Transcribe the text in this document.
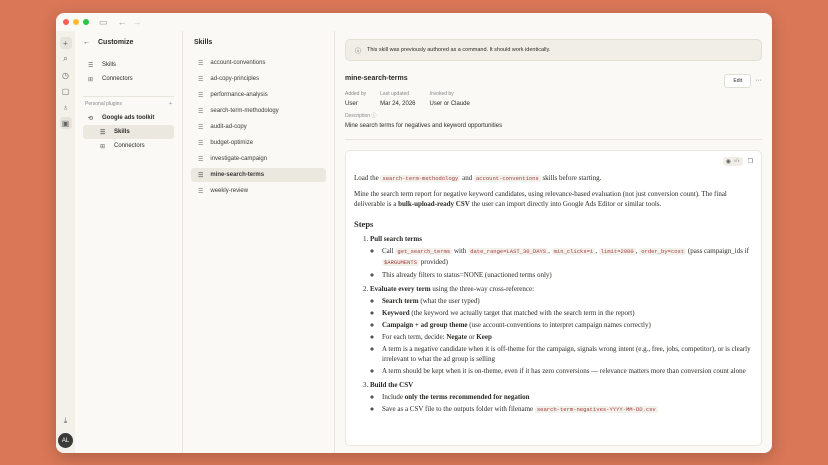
▭ ← →
+
⌕
◷
▢
♁
▣
⤓
AL
← Customize
☰	Skills
⊞	Connectors
Personal plugins	+
⟲	Google ads toolkit
☰	Skills
⊞	Connectors
Skills
☰ account-conventions
☰ ad-copy-principles
☰ performance-analysis
☰ search-term-methodology
☰ audit-ad-copy
☰ budget-optimize
☰ investigate-campaign
☰ mine-search-terms
☰ weekly-review
ⓘ This skill was previously authored as a command. It should work identically.
mine-search-terms	Edit ···
Added by
User
Last updated
Mar 24, 2026
Invoked by
User or Claude
Description ⓘ
Mine search terms for negatives and keyword opportunities
◉ ‹/› ❐

Load the search-term-methodology and account-conventions skills before starting.

Mine the search term report for negative keyword candidates, using relevance-based evaluation (not just conversion count). The final deliverable is a bulk-upload-ready CSV the user can import directly into Google Ads Editor or similar tools.

Steps
1. Pull search terms
◦ Call get_search_terms with date_range=LAST_30_DAYS , min_clicks=1 , limit=2000 , order_by=cost (pass campaign_ids if $ARGUMENTS provided)
◦ This already filters to status=NONE (unactioned terms only)
2. Evaluate every term using the three-way cross-reference:
◦ Search term (what the user typed)
◦ Keyword (the keyword we actually target that matched with the search term in the report)
◦ Campaign + ad group theme (use account-conventions to interpret campaign names correctly)
◦ For each term, decide: Negate or Keep
◦ A term is a negative candidate when it is off-theme for the campaign, signals wrong intent (e.g., free, jobs, competitor), or is clearly irrelevant to what the ad group is selling
◦ A term should be kept when it is on-theme, even if it has zero conversions — relevance matters more than conversion count alone
3. Build the CSV
◦ Include only the terms recommended for negation
◦ Save as a CSV file to the outputs folder with filename search-term-negatives-YYYY-MM-DD.csv
